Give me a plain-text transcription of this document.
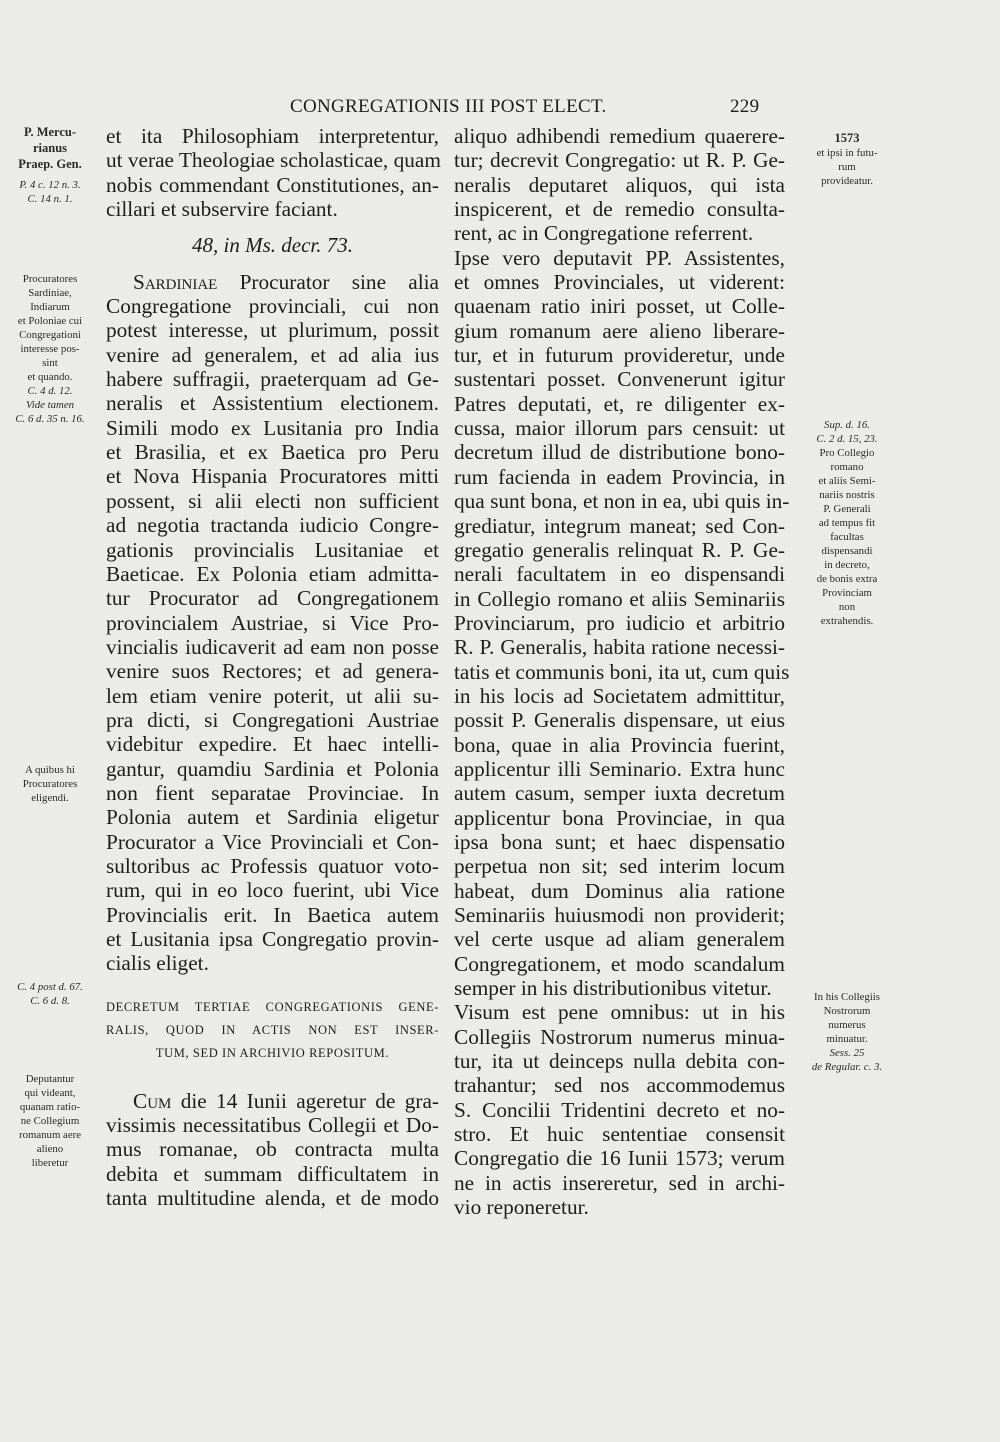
CONGREGATIONIS III POST ELECT.	229
P. Mercu-
rianus
Praep. Gen.
P. 4 c. 12 n. 3.
C. 14 n. 1.
Procuratores
Sardiniae,
Indiarum
et Poloniae cui
Congregationi
interesse pos-
sint
et quando.
C. 4 d. 12.
Vide tamen
C. 6 d. 35 n. 16.
A quibus hi
Procuratores
eligendi.
C. 4 post d. 67.
C. 6 d. 8.
Deputantur
qui videant,
quanam ratio-
ne Collegium
romanum aere
alieno
liberetur
et ita Philosophiam interpretentur,
ut verae Theologiae scholasticae, quam
nobis commendant Constitutiones, an-
cillari et subservire faciant.
48, in Ms. decr. 73.
Sardiniae Procurator sine alia
Congregatione provinciali, cui non
potest interesse, ut plurimum, possit
venire ad generalem, et ad alia ius
habere suffragii, praeterquam ad Ge-
neralis et Assistentium electionem.
Simili modo ex Lusitania pro India
et Brasilia, et ex Baetica pro Peru
et Nova Hispania Procuratores mitti
possent, si alii electi non sufficient
ad negotia tractanda iudicio Congre-
gationis provincialis Lusitaniae et
Baeticae. Ex Polonia etiam admitta-
tur Procurator ad Congregationem
provincialem Austriae, si Vice Pro-
vincialis iudicaverit ad eam non posse
venire suos Rectores; et ad genera-
lem etiam venire poterit, ut alii su-
pra dicti, si Congregationi Austriae
videbitur expedire. Et haec intelli-
gantur, quamdiu Sardinia et Polonia
non fient separatae Provinciae. In
Polonia autem et Sardinia eligetur
Procurator a Vice Provinciali et Con-
sultoribus ac Professis quatuor voto-
rum, qui in eo loco fuerint, ubi Vice
Provincialis erit. In Baetica autem
et Lusitania ipsa Congregatio provin-
cialis eliget.
DECRETUM TERTIAE CONGREGATIONIS GENE-
RALIS, QUOD IN ACTIS NON EST INSER-
TUM, SED IN ARCHIVIO REPOSITUM.
Cum die 14 Iunii ageretur de gra-
vissimis necessitatibus Collegii et Do-
mus romanae, ob contracta multa
debita et summam difficultatem in
tanta multitudine alenda, et de modo
aliquo adhibendi remedium quaerere-
tur; decrevit Congregatio: ut R. P. Ge-
neralis deputaret aliquos, qui ista
inspicerent, et de remedio consulta-
rent, ac in Congregatione referrent.
Ipse vero deputavit PP. Assistentes,
et omnes Provinciales, ut viderent:
quaenam ratio iniri posset, ut Colle-
gium romanum aere alieno liberare-
tur, et in futurum provideretur, unde
sustentari posset. Convenerunt igitur
Patres deputati, et, re diligenter ex-
cussa, maior illorum pars censuit: ut
decretum illud de distributione bono-
rum facienda in eadem Provincia, in
qua sunt bona, et non in ea, ubi quis in-
grediatur, integrum maneat; sed Con-
gregatio generalis relinquat R. P. Ge-
nerali facultatem in eo dispensandi
in Collegio romano et aliis Seminariis
Provinciarum, pro iudicio et arbitrio
R. P. Generalis, habita ratione necessi-
tatis et communis boni, ita ut, cum quis
in his locis ad Societatem admittitur,
possit P. Generalis dispensare, ut eius
bona, quae in alia Provincia fuerint,
applicentur illi Seminario. Extra hunc
autem casum, semper iuxta decretum
applicentur bona Provinciae, in qua
ipsa bona sunt; et haec dispensatio
perpetua non sit; sed interim locum
habeat, dum Dominus alia ratione
Seminariis huiusmodi non providerit;
vel certe usque ad aliam generalem
Congregationem, et modo scandalum
semper in his distributionibus vitetur.
Visum est pene omnibus: ut in his
Collegiis Nostrorum numerus minua-
tur, ita ut deinceps nulla debita con-
trahantur; sed nos accommodemus
S. Concilii Tridentini decreto et no-
stro. Et huic sententiae consensit
Congregatio die 16 Iunii 1573; verum
ne in actis insereretur, sed in archi-
vio reponeretur.
1573
et ipsi in futu-
rum
provideatur.
Sup. d. 16.
C. 2 d. 15, 23.
Pro Collegio
romano
et aliis Semi-
nariis nostris
P. Generali
ad tempus fit
facultas
dispensandi
in decreto,
de bonis extra
Provinciam
non
extrahendis.
In his Collegiis
Nostrorum
numerus
minuatur.
Sess. 25
de Regular. c. 3.
